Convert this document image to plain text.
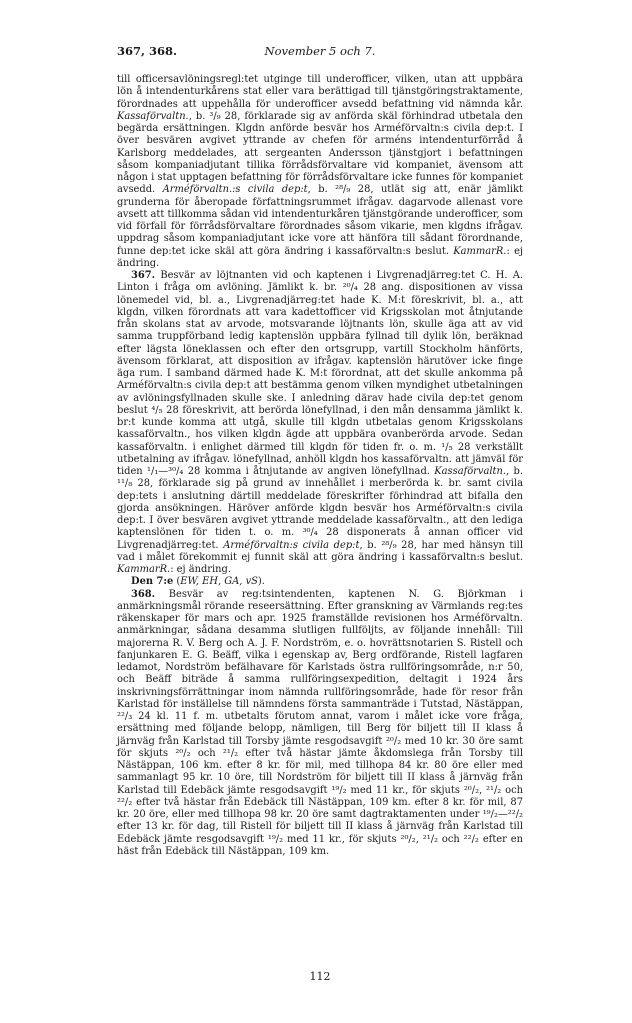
367, 368.	November 5 och 7.

till officersavlöningsregl:tet utginge till underofficer, vilken, utan att uppbära lön å intendenturkårens stat eller vara berättigad till tjänstgöringstraktamente, förordnades att uppehålla för underofficer avsedd befattning vid nämnda kår. Kassaförvaltn., b. ³/₉ 28, förklarade sig av anförda skäl förhindrad utbetala den begärda ersättningen. Klgdn anförde besvär hos Arméförvaltn:s civila dep:t. I över besvären avgivet yttrande av chefen för arméns intendenturförråd å Karlsborg meddelades, att sergeanten Andersson tjänstgjort i befattningen såsom kompaniadjutant tillika förrådsförvaltare vid kompaniet, ävensom att någon i stat upptagen befattning för förrådsförvaltare icke funnes för kompaniet avsedd. Arméförvaltn.:s civila dep:t, b. ²⁸/₉ 28, utlät sig att, enär jämlikt grunderna för åberopade författningsrummet ifrågav. dagarvode allenast vore avsett att tillkomma sådan vid intendenturkåren tjänstgörande underofficer, som vid förfall för förrådsförvaltare förordnades såsom vikarie, men klgdns ifrågav. uppdrag såsom kompaniadjutant icke vore att hänföra till sådant förordnande, funne dep:tet icke skäl att göra ändring i kassaförvaltn:s beslut. KammarR.: ej ändring.

367. Besvär av löjtnanten vid och kaptenen i Livgrenadjärreg:tet C. H. A. Linton i fråga om avlöning. Jämlikt k. br. ²⁰/₄ 28 ang. dispositionen av vissa lönemedel vid, bl. a., Livgrenadjärreg:tet hade K. M:t föreskrivit, bl. a., att klgdn, vilken förordnats att vara kadettofficer vid Krigsskolan mot åtnjutande från skolans stat av arvode, motsvarande löjtnants lön, skulle äga att av vid samma truppförband ledig kaptenslön uppbära fyllnad till dylik lön, beräknad efter lägsta löneklassen och efter den ortsgrupp, vartill Stockholm hänförts, ävensom förklarat, att disposition av ifrågav. kaptenslön härutöver icke finge äga rum. I samband därmed hade K. M:t förordnat, att det skulle ankomma på Arméförvaltn:s civila dep:t att bestämma genom vilken myndighet utbetalningen av avlöningsfyllnaden skulle ske. I anledning därav hade civila dep:tet genom beslut ⁴/₅ 28 föreskrivit, att berörda lönefyllnad, i den mån densamma jämlikt k. br:t kunde komma att utgå, skulle till klgdn utbetalas genom Krigsskolans kassaförvaltn., hos vilken klgdn ägde att uppbära ovanberörda arvode. Sedan kassaförvaltn. i enlighet därmed till klgdn för tiden fr. o. m. ¹/₅ 28 verkställt utbetalning av ifrågav. lönefyllnad, anhöll klgdn hos kassaförvaltn. att jämväl för tiden ¹/₁—³⁰/₄ 28 komma i åtnjutande av angiven lönefyllnad. Kassaförvaltn., b. ¹¹/₈ 28, förklarade sig på grund av innehållet i merberörda k. br. samt civila dep:tets i anslutning därtill meddelade föreskrifter förhindrad att bifalla den gjorda ansökningen. Häröver anförde klgdn besvär hos Arméförvaltn:s civila dep:t. I över besvären avgivet yttrande meddelade kassaförvaltn., att den lediga kaptenslönen för tiden t. o. m. ³⁰/₄ 28 disponerats å annan officer vid Livgrenadjärreg:tet. Arméförvaltn:s civila dep:t, b. ²⁸/₉ 28, har med hänsyn till vad i målet förekommit ej funnit skäl att göra ändring i kassaförvaltn:s beslut. KammarR.: ej ändring.

Den 7:e (EW, EH, GA, vS).

368. Besvär av reg:tsintendenten, kaptenen N. G. Björkman i anmärkningsmål rörande reseersättning. Efter granskning av Värmlands reg:tes räkenskaper för mars och apr. 1925 framställde revisionen hos Arméförvaltn. anmärkningar, sådana desamma slutligen fullföljts, av följande innehåll: Till majorerna R. V. Berg och A. J. F. Nordström, e. o. hovrättsnotarien S. Ristell och fanjunkaren E. G. Beäff, vilka i egenskap av, Berg ordförande, Ristell lagfaren ledamot, Nordström befälhavare för Karlstads östra rullföringsområde, n:r 50, och Beäff biträde å samma rullföringsexpedition, deltagit i 1924 års inskrivningsförrättningar inom nämnda rullföringsområde, hade för resor från Karlstad för inställelse till nämndens första sammanträde i Tutstad, Nästäppan, ²²/₃ 24 kl. 11 f. m. utbetalts förutom annat, varom i målet icke vore fråga, ersättning med följande belopp, nämligen, till Berg för biljett till II klass å järnväg från Karlstad till Torsby jämte resgodsavgift ²⁰/₂ med 10 kr. 30 öre samt för skjuts ²⁰/₂ och ²¹/₂ efter två hästar jämte åkdomslega från Torsby till Nästäppan, 106 km. efter 8 kr. för mil, med tillhopa 84 kr. 80 öre eller med sammanlagt 95 kr. 10 öre, till Nordström för biljett till II klass å järnväg från Karlstad till Edebäck jämte resgodsavgift ¹⁹/₂ med 11 kr., för skjuts ²⁰/₂, ²¹/₂ och ²²/₂ efter två hästar från Edebäck till Nästäppan, 109 km. efter 8 kr. för mil, 87 kr. 20 öre, eller med tillhopa 98 kr. 20 öre samt dagtraktamenten under ¹⁹/₂—²²/₂ efter 13 kr. för dag, till Ristell för biljett till II klass å järnväg från Karlstad till Edebäck jämte resgodsavgift ¹⁹/₂ med 11 kr., för skjuts ²⁰/₂, ²¹/₂ och ²²/₂ efter en häst från Edebäck till Nästäppan, 109 km.

112
